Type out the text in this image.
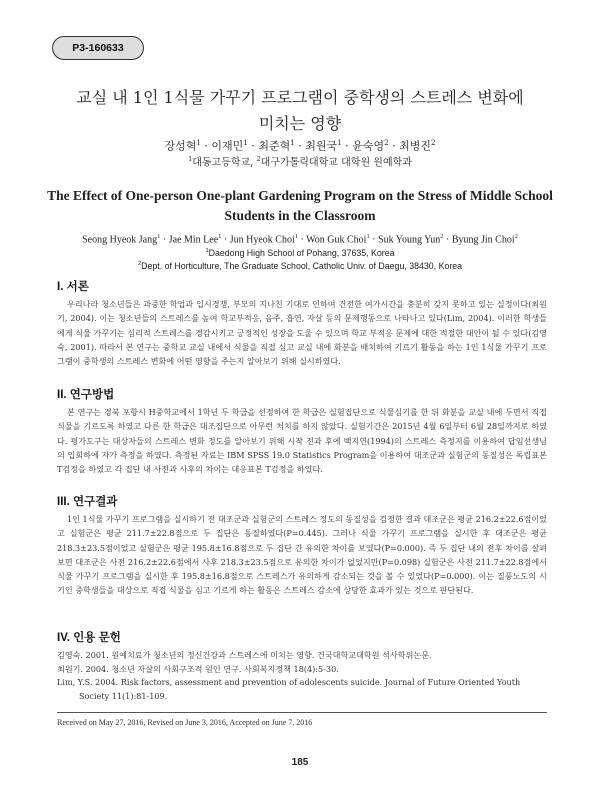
P3-160633
교실 내 1인 1식물 가꾸기 프로그램이 중학생의 스트레스 변화에
미치는 영향
장성혁$^1$ · 이재민$^1$ · 최준혁$^1$ · 최원국$^1$ · 윤숙영$^2$ · 최병진$^2$
$^1$대동고등학교, $^2$대구가톨릭대학교 대학원 원예학과
The Effect of One-person One-plant Gardening Program on the Stress of Middle School
Students in the Classroom
Seong Hyeok Jang$^1$ · Jae Min Lee$^1$ · Jun Hyeok Choi$^1$ · Won Guk Choi$^1$ · Suk Young Yun$^2$ · Byung Jin Choi$^2$
$^1$Daedong High School of Pohang, 37635, Korea
$^2$Dept. of Horticulture, The Graduate School, Catholic Univ. of Daegu, 38430, Korea
I. 서론

우리나라 청소년들은 과중한 학업과 입시경쟁, 부모의 지나친 기대로 인하여 건전한 여가시간을 충분히 갖지 못하고 있는 실정이다(최원기, 2004). 이는 청소년들의 스트레스를 높여 학교부적응, 음주, 흡연, 자살 등의 문제행동으로 나타나고 있다(Lim, 2004). 이러한 학생들에게 식물 가꾸기는 심리적 스트레스를 경감시키고 긍정적인 성장을 도울 수 있으며 학교 부적응 문제에 대한 적절한 대안이 될 수 있다(김영숙, 2001). 따라서 본 연구는 중학교 교실 내에서 식물을 직접 심고 교실 내에 화분을 배치하여 기르기 활동을 하는 1인 1식물 가꾸기 프로그램이 중학생의 스트레스 변화에 어떤 영향을 주는지 알아보기 위해 실시하였다.

II. 연구방법

본 연구는 경북 포항시 H중학교에서 1학년 두 학급을 선정하여 한 학급은 실험집단으로 식물심기를 한 뒤 화분을 교실 내에 두면서 직접 식물을 기르도록 하였고 다른 한 학급은 대조집단으로 아무런 처치를 하지 않았다. 실험기간은 2015년 4월 6일부터 6월 28일까지로 하였다. 평가도구는 대상자들의 스트레스 변화 정도를 알아보기 위해 시작 전과 후에 백지연(1994)의 스트레스 측정지를 이용하여 답임선생님의 입회하에 자가 측정을 하였다. 측정된 자료는 IBM SPSS 19.0 Statistics Program을 이용하여 대조군과 실험군의 동질성은 독립표본 T검정을 하였고 각 집단 내 사전과 사후의 차이는 대응표본 T검정을 하였다.

III. 연구결과

1인 1식물 가꾸기 프로그램을 실시하기 전 대조군과 실험군의 스트레스 정도의 동질성을 검정한 결과 대조군은 평균 216.2±22.6점이었고 실험군은 평균 211.7±22.8점으로 두 집단은 동질하였다(P=0.445). 그러나 식물 가꾸기 프로그램을 실시한 후 대조군은 평균 218.3±23.5점이었고 실험군은 평균 195.8±16.8점으로 두 집단 간 유의한 차이를 보였다(P=0.000). 즉 두 집단 내의 전후 차이를 살펴보면 대조군은 사전 216.2±22.6점에서 사후 218.3±23.5점으로 유의한 차이가 없었지만(P=0.098) 실험군은 사전 211.7±22.8점에서 식물 가꾸기 프로그램을 실시한 후 195.8±16.8점으로 스트레스가 유의하게 감소되는 것을 볼 수 있었다(P=0.000). 이는 질풍노도의 시기인 중학생들을 대상으로 직접 식물을 심고 기르게 하는 활동은 스트레스 감소에 상당한 효과가 있는 것으로 판단된다.

IV. 인용 문헌

김영숙. 2001. 원예치료가 청소년의 정신건강과 스트레스에 미치는 영향. 건국대학교대학원 석사학위논문.

최원기. 2004. 청소년 자살의 사회구조적 원인 연구. 사회복지정책 18(4):5-30.

Lim, Y.S. 2004. Risk factors, assessment and prevention of adolescents suicide. Journal of Future Oriented Youth Society 11(1):81-109.

Received on May 27, 2016, Revised on June 3, 2016, Accepted on June 7, 2016
185
